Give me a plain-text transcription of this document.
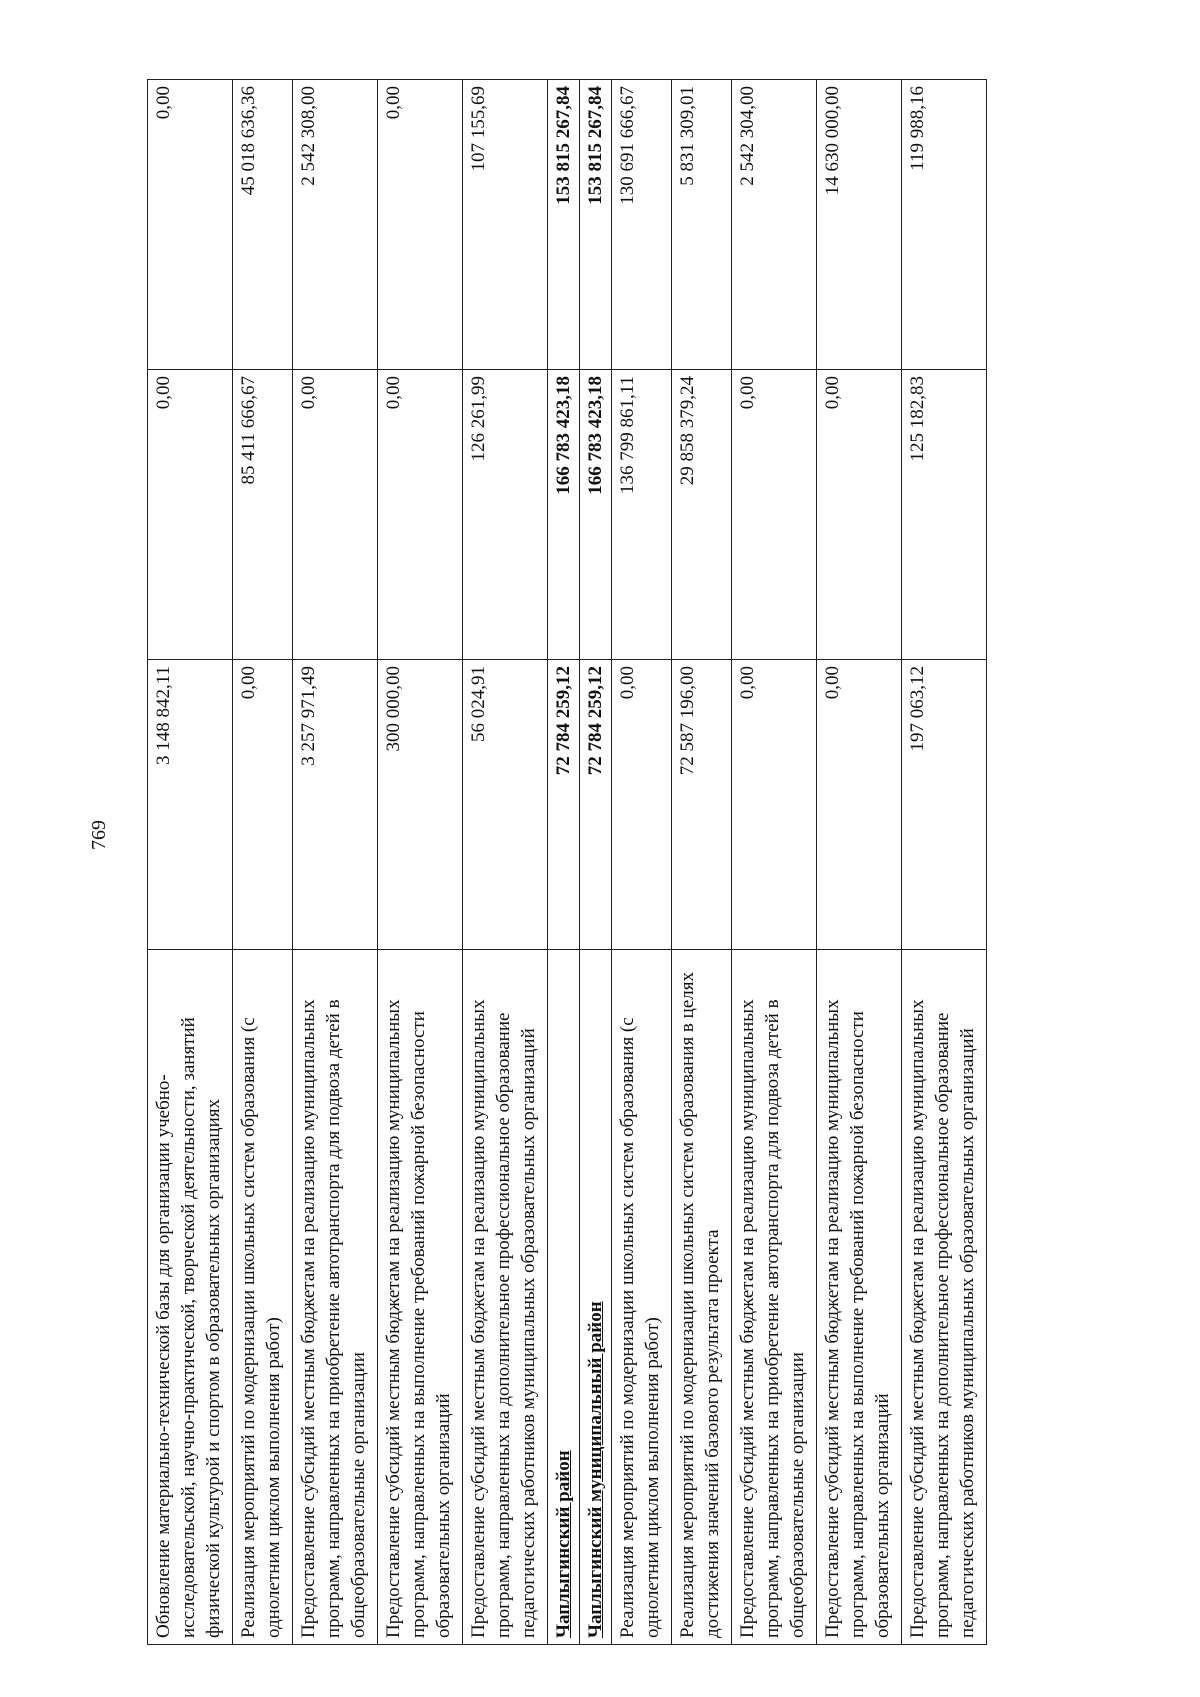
769
Обновление материально-технической базы для организации учебно-исследовательской, научно-практической, творческой деятельности, занятий физической культурой и спортом в образовательных организациях	3 148 842,11	0,00	0,00
Реализация мероприятий по модернизации школьных систем образования (с однолетним циклом выполнения работ)	0,00	85 411 666,67	45 018 636,36
Предоставление субсидий местным бюджетам на реализацию муниципальных программ, направленных на приобретение автотранспорта для подвоза детей в общеобразовательные организации	3 257 971,49	0,00	2 542 308,00
Предоставление субсидий местным бюджетам на реализацию муниципальных программ, направленных на выполнение требований пожарной безопасности образовательных организаций	300 000,00	0,00	0,00
Предоставление субсидий местным бюджетам на реализацию муниципальных программ, направленных на дополнительное профессиональное образование педагогических работников муниципальных образовательных организаций	56 024,91	126 261,99	107 155,69
Чаплыгинский район	72 784 259,12	166 783 423,18	153 815 267,84
Чаплыгинский муниципальный район	72 784 259,12	166 783 423,18	153 815 267,84
Реализация мероприятий по модернизации школьных систем образования (с однолетним циклом выполнения работ)	0,00	136 799 861,11	130 691 666,67
Реализация мероприятий по модернизации школьных систем образования в целях достижения значений базового результата проекта	72 587 196,00	29 858 379,24	5 831 309,01
Предоставление субсидий местным бюджетам на реализацию муниципальных программ, направленных на приобретение автотранспорта для подвоза детей в общеобразовательные организации	0,00	0,00	2 542 304,00
Предоставление субсидий местным бюджетам на реализацию муниципальных программ, направленных на выполнение требований пожарной безопасности образовательных организаций	0,00	0,00	14 630 000,00
Предоставление субсидий местным бюджетам на реализацию муниципальных программ, направленных на дополнительное профессиональное образование педагогических работников муниципальных образовательных организаций	197 063,12	125 182,83	119 988,16
